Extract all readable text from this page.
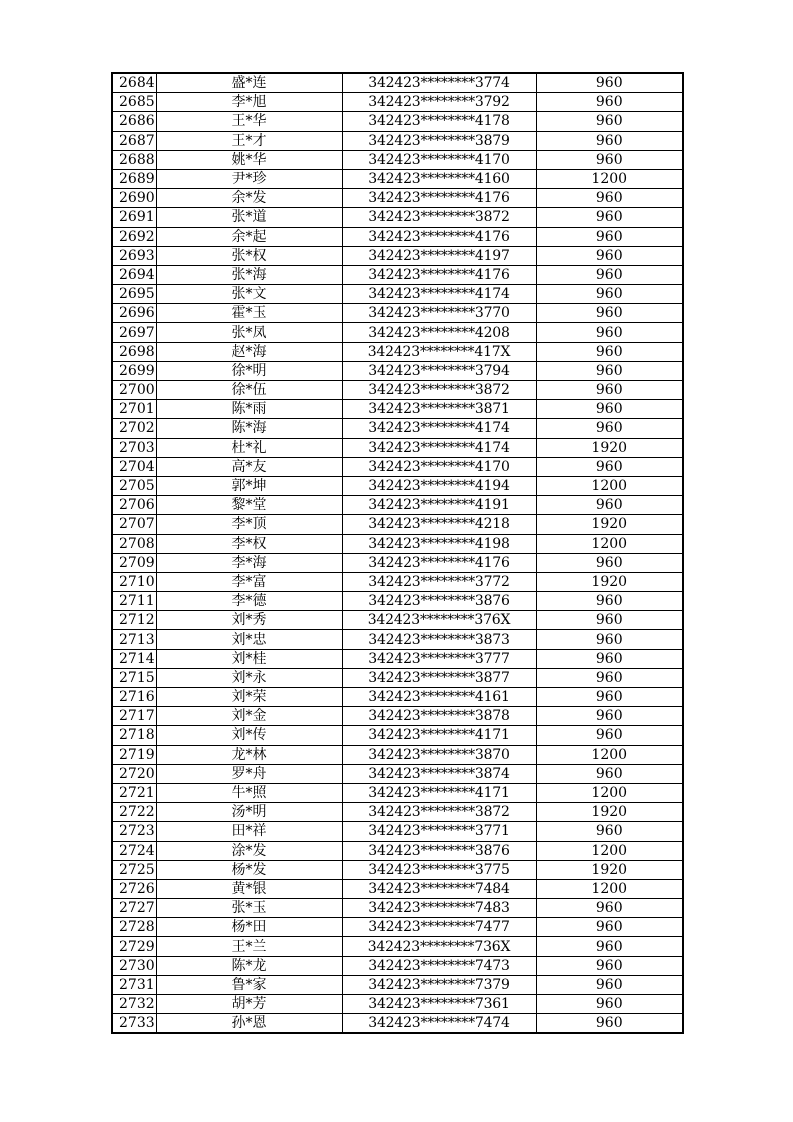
2684	盛*连	342423********3774	960
2685	李*旭	342423********3792	960
2686	王*华	342423********4178	960
2687	王*才	342423********3879	960
2688	姚*华	342423********4170	960
2689	尹*珍	342423********4160	1200
2690	余*发	342423********4176	960
2691	张*道	342423********3872	960
2692	余*起	342423********4176	960
2693	张*权	342423********4197	960
2694	张*海	342423********4176	960
2695	张*文	342423********4174	960
2696	霍*玉	342423********3770	960
2697	张*凤	342423********4208	960
2698	赵*海	342423********417X	960
2699	徐*明	342423********3794	960
2700	徐*伍	342423********3872	960
2701	陈*雨	342423********3871	960
2702	陈*海	342423********4174	960
2703	杜*礼	342423********4174	1920
2704	高*友	342423********4170	960
2705	郭*坤	342423********4194	1200
2706	黎*堂	342423********4191	960
2707	李*顶	342423********4218	1920
2708	李*权	342423********4198	1200
2709	李*海	342423********4176	960
2710	李*富	342423********3772	1920
2711	李*德	342423********3876	960
2712	刘*秀	342423********376X	960
2713	刘*忠	342423********3873	960
2714	刘*桂	342423********3777	960
2715	刘*永	342423********3877	960
2716	刘*荣	342423********4161	960
2717	刘*金	342423********3878	960
2718	刘*传	342423********4171	960
2719	龙*林	342423********3870	1200
2720	罗*舟	342423********3874	960
2721	牛*照	342423********4171	1200
2722	汤*明	342423********3872	1920
2723	田*祥	342423********3771	960
2724	涂*发	342423********3876	1200
2725	杨*发	342423********3775	1920
2726	黄*银	342423********7484	1200
2727	张*玉	342423********7483	960
2728	杨*田	342423********7477	960
2729	王*兰	342423********736X	960
2730	陈*龙	342423********7473	960
2731	鲁*家	342423********7379	960
2732	胡*芳	342423********7361	960
2733	孙*恩	342423********7474	960
